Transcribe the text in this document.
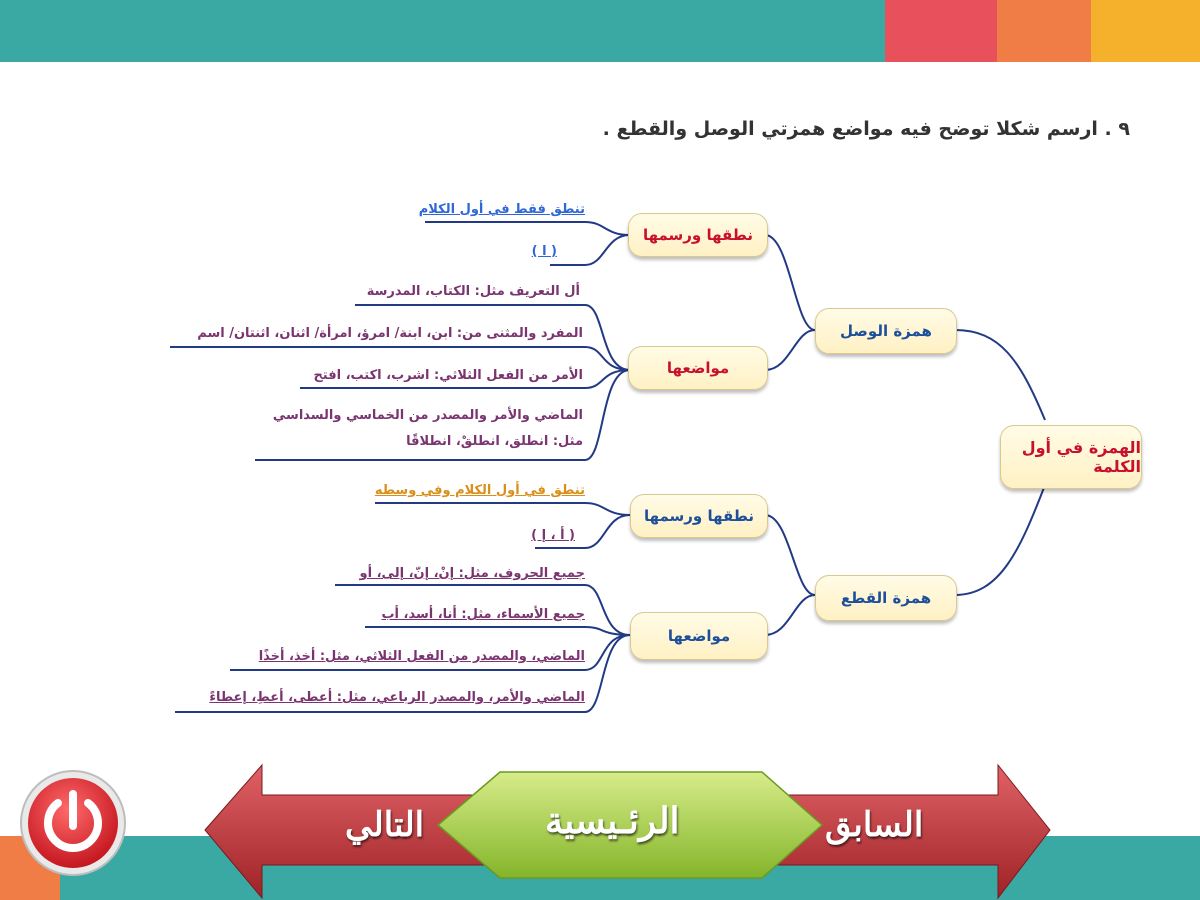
٩ . ارسم شكلا توضح فيه مواضع همزتي الوصل والقطع .
الهمزة في أول الكلمة
همزة الوصل
همزة القطع
نطقها ورسمها
مواضعها
نطقها ورسمها
مواضعها
تنطق فقط في أول الكلام
( ا )
أل التعريف مثل: الكتاب، المدرسة
المفرد والمثنى من: ابن، ابنة/ امرؤ، امرأة/ اثنان، اثنتان/ اسم
الأمر من الفعل الثلاثي: اشرب، اكتب، افتح
الماضي والأمر والمصدر من الخماسي والسداسي
مثل: انطلق، انطلقْ، انطلاقًا
تنطق في أول الكلام وفي وسطه
( أ ، إ )
جميع الحروف، مثل: إنْ، إنّ، إلى، أو
جميع الأسماء، مثل: أنا، أسد، أب
الماضي، والمصدر من الفعل الثلاثي، مثل: أخذ، أخذًا
الماضي والأمر، والمصدر الرباعي، مثل: أعطى، أعطِ، إعطاءً
التالي	الرئـيسية	السابق
